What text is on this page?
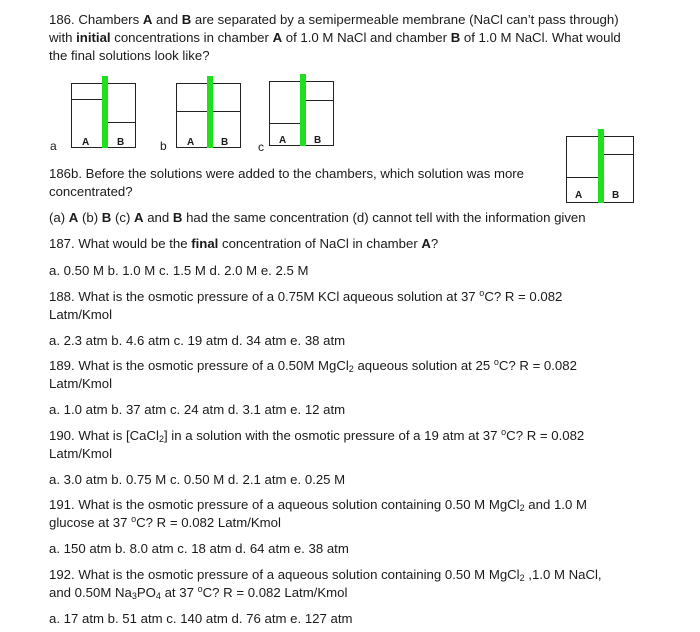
186. Chambers A and B are separated by a semipermeable membrane (NaCl can’t pass through)
with initial concentrations in chamber A of 1.0 M NaCl and chamber B of 1.0 M NaCl. What would
the final solutions look like?
a	A	B	b A	B c A	B
A	B
186b. Before the solutions were added to the chambers, which solution was more
concentrated?
(a) A (b) B (c) A and B had the same concentration (d) cannot tell with the information given
187. What would be the final concentration of NaCl in chamber A?
a. 0.50 M b. 1.0 M c. 1.5 M d. 2.0 M e. 2.5 M
188. What is the osmotic pressure of a 0.75M KCl aqueous solution at 37 $^o$C? R = 0.082
Latm/Kmol
a. 2.3 atm b. 4.6 atm c. 19 atm d. 34 atm e. 38 atm
189. What is the osmotic pressure of a 0.50M MgCl$_2$ aqueous solution at 25 $^o$C? R = 0.082
Latm/Kmol
a. 1.0 atm b. 37 atm c. 24 atm d. 3.1 atm e. 12 atm
190. What is [CaCl$_2$] in a solution with the osmotic pressure of a 19 atm at 37 $^o$C? R = 0.082
Latm/Kmol
a. 3.0 atm b. 0.75 M c. 0.50 M d. 2.1 atm e. 0.25 M
191. What is the osmotic pressure of a aqueous solution containing 0.50 M MgCl$_2$ and 1.0 M
glucose at 37 $^o$C? R = 0.082 Latm/Kmol
a. 150 atm b. 8.0 atm c. 18 atm d. 64 atm e. 38 atm
192. What is the osmotic pressure of a aqueous solution containing 0.50 M MgCl$_2$ ,1.0 M NaCl,
and 0.50M $Na_3PO_4$ at 37 $^o$C? R = 0.082 Latm/Kmol
a. 17 atm b. 51 atm c. 140 atm d. 76 atm e. 127 atm
